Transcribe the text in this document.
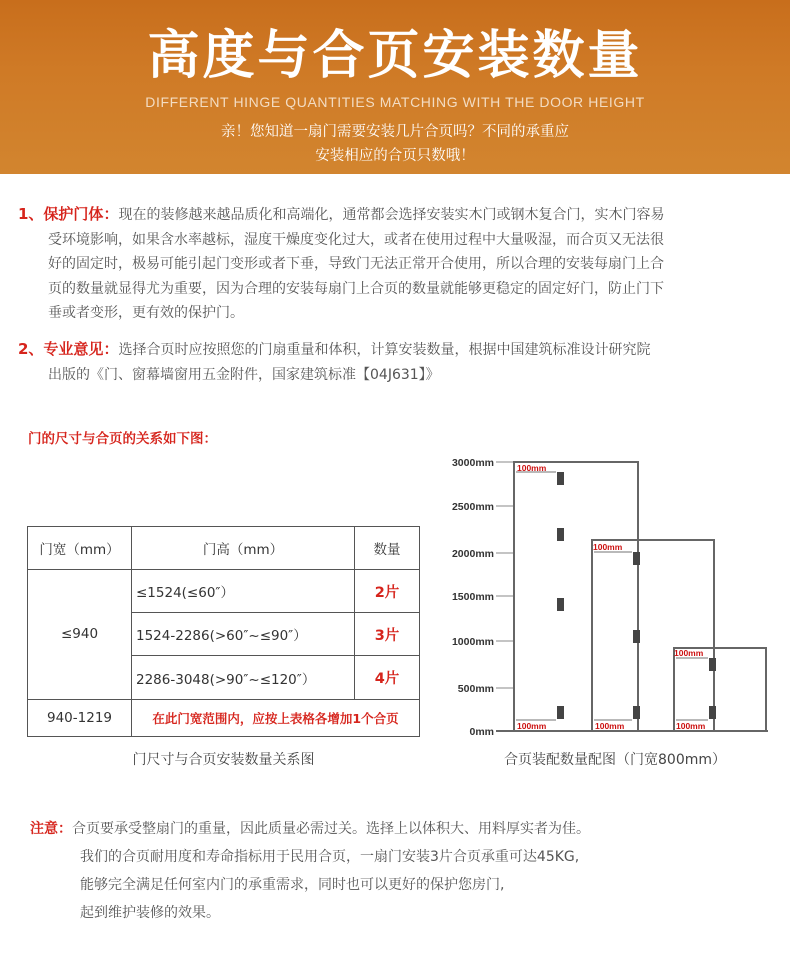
高度与合页安装数量
DIFFERENT HINGE QUANTITIES MATCHING WITH THE DOOR HEIGHT
亲！您知道一扇门需要安装几片合页吗？不同的承重应
安装相应的合页只数哦！
1、保护门体：现在的装修越来越品质化和高端化，通常都会选择安装实木门或钢木复合门，实木门容易
受环境影响，如果含水率越标，湿度干燥度变化过大，或者在使用过程中大量吸湿，而合页又无法很
好的固定时，极易可能引起门变形或者下垂，导致门无法正常开合使用，所以合理的安装每扇门上合
页的数量就显得尤为重要，因为合理的安装每扇门上合页的数量就能够更稳定的固定好门，防止门下
垂或者变形，更有效的保护门。
2、专业意见：选择合页时应按照您的门扇重量和体积，计算安装数量，根据中国建筑标准设计研究院
出版的《门、窗幕墙窗用五金附件，国家建筑标准【04J631】》
门的尺寸与合页的关系如下图：
门宽（mm）	门高（mm）	数量
≤940	≤1524(≤60″）	2片
	1524-2286(>60″~≤90″）	3片
	2286-3048(>90″~≤120″）	4片
940-1219	在此门宽范围内，应按上表格各增加1个合页	
门尺寸与合页安装数量关系图	合页装配数量配图（门宽800mm）
3000mm
2500mm
2000mm
1500mm
1000mm
500mm
0mm
100mm
100mm
100mm
100mm	100mm	100mm
注意：合页要承受整扇门的重量，因此质量必需过关。选择上以体积大、用料厚实者为佳。
我们的合页耐用度和寿命指标用于民用合页，一扇门安装3片合页承重可达45KG,
能够完全满足任何室内门的承重需求，同时也可以更好的保护您房门,
起到维护装修的效果。
